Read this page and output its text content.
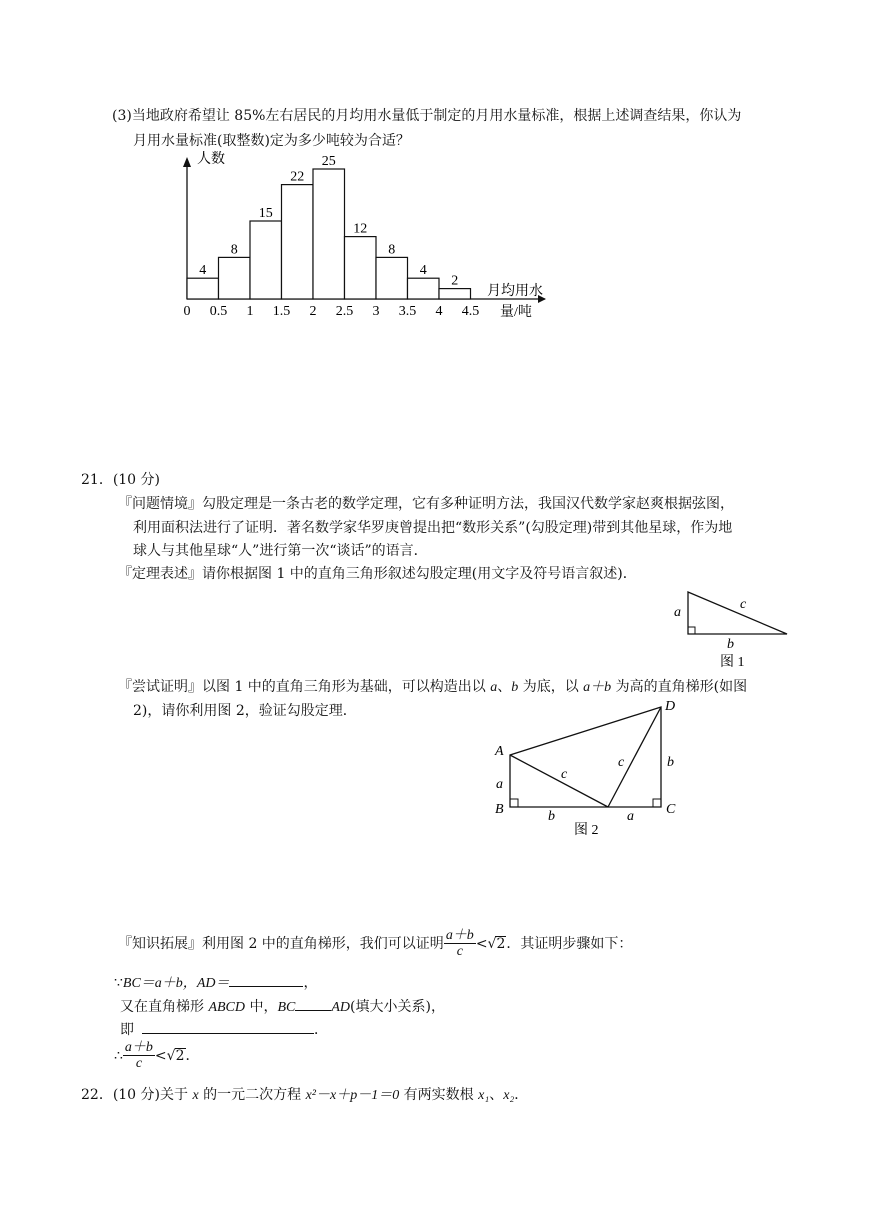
(3)当地政府希望让 85%左右居民的月均用水量低于制定的月用水量标准，根据上述调查结果，你认为
月用水量标准(取整数)定为多少吨较为合适？
4
8
15
22
25
12
8
4
2
0 0.5 1 1.5 2 2.5 3 3.5 4 4.5
人数
月均用水
量/吨
21．(10 分)
『问题情境』勾股定理是一条古老的数学定理，它有多种证明方法，我国汉代数学家赵爽根据弦图，
利用面积法进行了证明．著名数学家华罗庚曾提出把“数形关系”(勾股定理)带到其他星球，作为地
球人与其他星球“人”进行第一次“谈话”的语言．
『定理表述』请你根据图 1 中的直角三角形叙述勾股定理(用文字及符号语言叙述)．
a
c
b
图 1
『尝试证明』以图 1 中的直角三角形为基础，可以构造出以 a、b 为底，以 a＋b 为高的直角梯形(如图
2)，请你利用图 2，验证勾股定理．
A
B	C
D
a
b	a
b
c
c
图 2
『知识拓展』利用图 2 中的直角梯形，我们可以证明 $\frac{a+b}{c} <√2$．其证明步骤如下：
∵BC＝a＋b，AD＝	，
又在直角梯形 ABCD 中，BC	AD(填大小关系)，
即	．
∴ $\frac{a+b}{c} <√2$．
22．(10 分)关于 x 的一元二次方程 x²－x＋p－1＝0 有两实数根 x₁、x₂．
